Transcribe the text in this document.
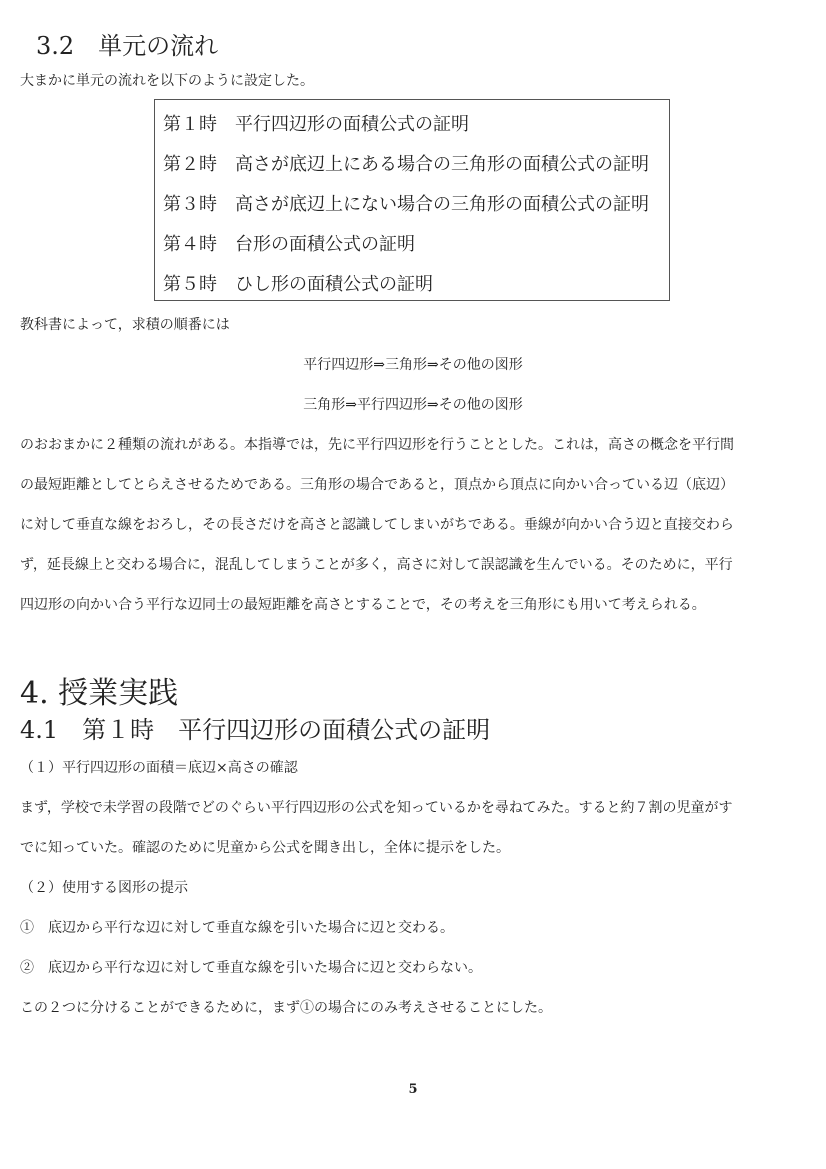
3.2　単元の流れ
大まかに単元の流れを以下のように設定した。
第１時　平行四辺形の面積公式の証明
第２時　高さが底辺上にある場合の三角形の面積公式の証明
第３時　高さが底辺上にない場合の三角形の面積公式の証明
第４時　台形の面積公式の証明
第５時　ひし形の面積公式の証明
教科書によって，求積の順番には
平行四辺形⇒三角形⇒その他の図形
三角形⇒平行四辺形⇒その他の図形
のおおまかに２種類の流れがある。本指導では，先に平行四辺形を行うこととした。これは，高さの概念を平行間
の最短距離としてとらえさせるためである。三角形の場合であると，頂点から頂点に向かい合っている辺（底辺）
に対して垂直な線をおろし，その長さだけを高さと認識してしまいがちである。垂線が向かい合う辺と直接交わら
ず，延長線上と交わる場合に，混乱してしまうことが多く，高さに対して誤認識を生んでいる。そのために，平行
四辺形の向かい合う平行な辺同士の最短距離を高さとすることで，その考えを三角形にも用いて考えられる。
4. 授業実践
4.1　第１時　平行四辺形の面積公式の証明
（１）平行四辺形の面積＝底辺×高さの確認
まず，学校で未学習の段階でどのぐらい平行四辺形の公式を知っているかを尋ねてみた。すると約７割の児童がす
でに知っていた。確認のために児童から公式を聞き出し，全体に提示をした。
（２）使用する図形の提示
①　底辺から平行な辺に対して垂直な線を引いた場合に辺と交わる。
②　底辺から平行な辺に対して垂直な線を引いた場合に辺と交わらない。
この２つに分けることができるために，まず①の場合にのみ考えさせることにした。
5
